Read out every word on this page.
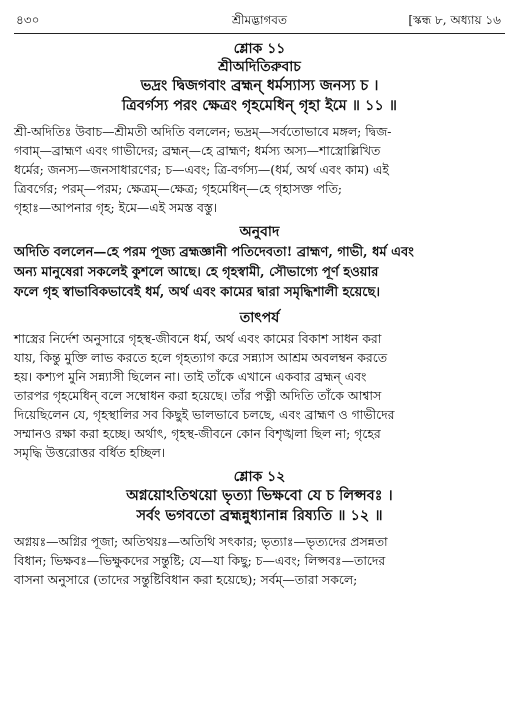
৪৩০	শ্রীমদ্ভাগবত	[স্কন্ধ ৮, অধ্যায় ১৬
শ্লোক ১১
শ্রীঅদিতিরুবাচ
ভদ্রং দ্বিজগবাং ব্রহ্মন্ ধর্মস্যাস্য জনস্য চ ।
ত্রিবর্গস্য পরং ক্ষেত্রং গৃহমেধিন্ গৃহা ইমে ॥ ১১ ॥
শ্রী-অদিতিঃ উবাচ—শ্রীমতী অদিতি বললেন; ভদ্রম্—সর্বতোভাবে মঙ্গল; দ্বিজ-
গবাম্—ব্রাহ্মণ এবং গাভীদের; ব্রহ্মন্—হে ব্রাহ্মণ; ধর্মস্য অস্য—শাস্ত্রোল্লিখিত
ধর্মের; জনস্য—জনসাধারণের; চ—এবং; ত্রি-বর্গস্য—(ধর্ম, অর্থ এবং কাম) এই
ত্রিবর্গের; পরম্—পরম; ক্ষেত্রম্—ক্ষেত্র; গৃহমেধিন্—হে গৃহাসক্ত পতি;
গৃহাঃ—আপনার গৃহ; ইমে—এই সমস্ত বস্তু।
অনুবাদ
অদিতি বললেন—হে পরম পূজ্য ব্রহ্মজ্ঞানী পতিদেবতা! ব্রাহ্মণ, গাভী, ধর্ম এবং
অন্য মানুষেরা সকলেই কুশলে আছে। হে গৃহস্বামী, সৌভাগ্যে পূর্ণ হওয়ার
ফলে গৃহ স্বাভাবিকভাবেই ধর্ম, অর্থ এবং কামের দ্বারা সমৃদ্ধিশালী হয়েছে।
তাৎপর্য
শাস্ত্রের নির্দেশ অনুসারে গৃহস্থ-জীবনে ধর্ম, অর্থ এবং কামের বিকাশ সাধন করা
যায়, কিন্তু মুক্তি লাভ করতে হলে গৃহত্যাগ করে সন্ন্যাস আশ্রম অবলম্বন করতে
হয়। কশ্যপ মুনি সন্ন্যাসী ছিলেন না। তাই তাঁকে এখানে একবার ব্রহ্মন্ এবং
তারপর গৃহমেধিন্ বলে সম্বোধন করা হয়েছে। তাঁর পত্নী অদিতি তাঁকে আশ্বাস
দিয়েছিলেন যে, গৃহস্থালির সব কিছুই ভালভাবে চলছে, এবং ব্রাহ্মণ ও গাভীদের
সম্মানও রক্ষা করা হচ্ছে। অর্থাৎ, গৃহস্থ-জীবনে কোন বিশৃঙ্খলা ছিল না; গৃহের
সমৃদ্ধি উত্তরোত্তর বর্ধিত হচ্ছিল।
শ্লোক ১২
অগ্নয়োঽতিথয়ো ভৃত্যা ভিক্ষবো যে চ লিপ্সবঃ ।
সর্বং ভগবতো ব্রহ্মন্নুধ্যানান্ন রিষ্যতি ॥ ১২ ॥
অগ্নয়ঃ—অগ্নির পূজা; অতিথয়ঃ—অতিথি সৎকার; ভৃত্যাঃ—ভৃত্যদের প্রসন্নতা
বিধান; ভিক্ষবঃ—ভিক্ষুকদের সন্তুষ্টি; যে—যা কিছু; চ—এবং; লিপ্সবঃ—তাদের
বাসনা অনুসারে (তাদের সন্তুষ্টিবিধান করা হয়েছে); সর্বম্—তারা সকলে;
